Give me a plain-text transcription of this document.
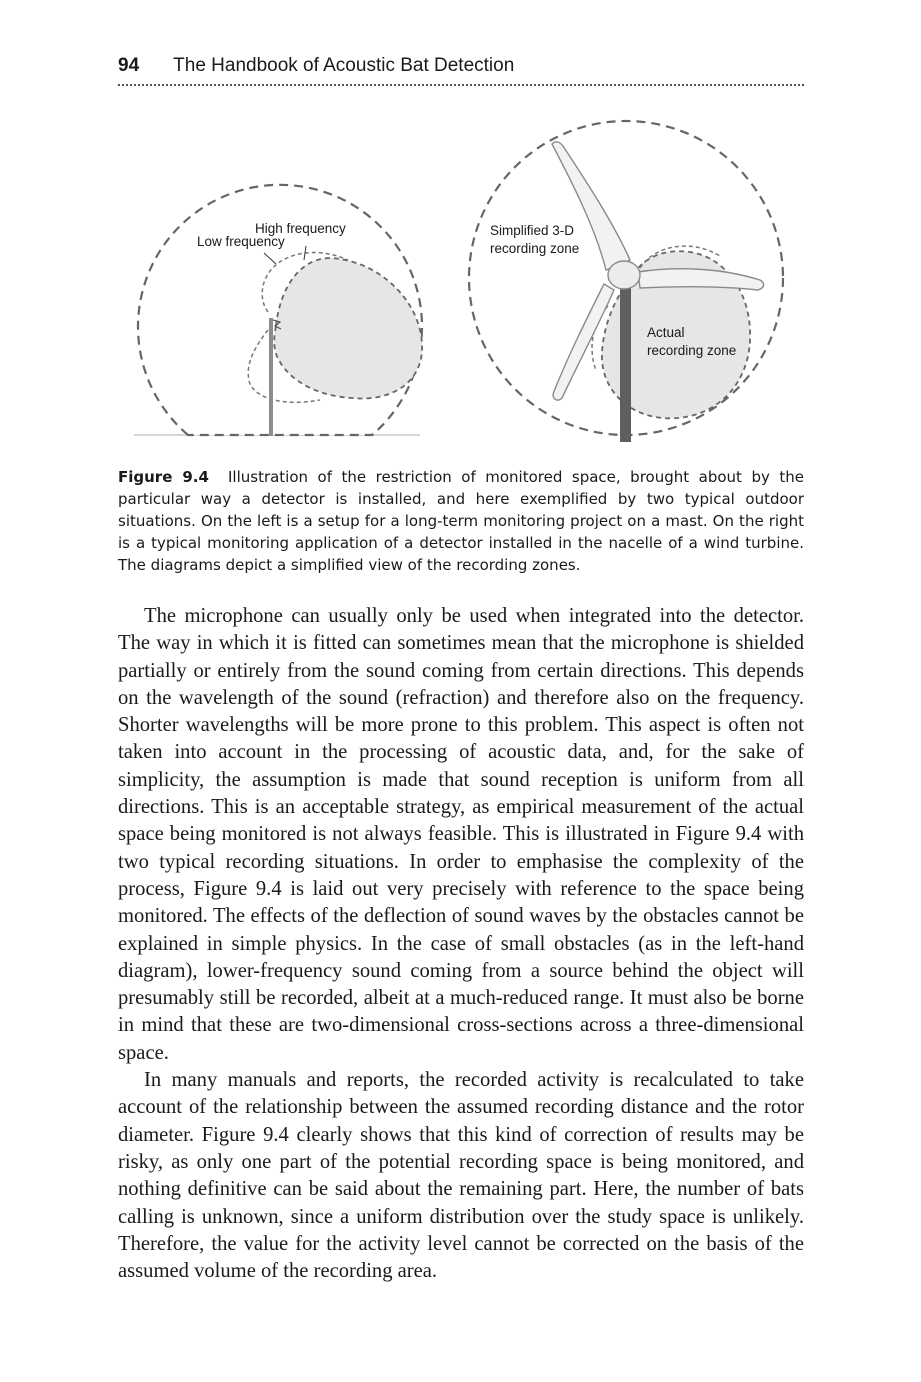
94 The Handbook of Acoustic Bat Detection
High frequency
Low frequency
Simplified 3-D
recording zone
Actual
recording zone
Figure 9.4 Illustration of the restriction of monitored space, brought about by the particular way a detector is installed, and here exemplified by two typical outdoor situations. On the left is a setup for a long-term monitoring project on a mast. On the right is a typical monitoring application of a detector installed in the nacelle of a wind turbine. The diagrams depict a simplified view of the recording zones.

The microphone can usually only be used when integrated into the detector. The way in which it is fitted can sometimes mean that the microphone is shielded partially or entirely from the sound coming from certain directions. This depends on the wavelength of the sound (refraction) and therefore also on the frequency. Shorter wavelengths will be more prone to this problem. This aspect is often not taken into account in the processing of acoustic data, and, for the sake of simplicity, the assumption is made that sound reception is uniform from all directions. This is an acceptable strategy, as empirical measurement of the actual space being monitored is not always feasible. This is illustrated in Figure 9.4 with two typical recording situations. In order to emphasise the complexity of the process, Figure 9.4 is laid out very precisely with reference to the space being monitored. The effects of the deflection of sound waves by the obstacles cannot be explained in simple physics. In the case of small obstacles (as in the left-hand diagram), lower-frequency sound coming from a source behind the object will presumably still be recorded, albeit at a much-reduced range. It must also be borne in mind that these are two-dimensional cross-sections across a three-dimensional space.

In many manuals and reports, the recorded activity is recalculated to take account of the relationship between the assumed recording distance and the rotor diameter. Figure 9.4 clearly shows that this kind of correction of results may be risky, as only one part of the potential recording space is being monitored, and nothing definitive can be said about the remaining part. Here, the number of bats calling is unknown, since a uniform distribution over the study space is unlikely. Therefore, the value for the activity level cannot be corrected on the basis of the assumed volume of the recording area.
